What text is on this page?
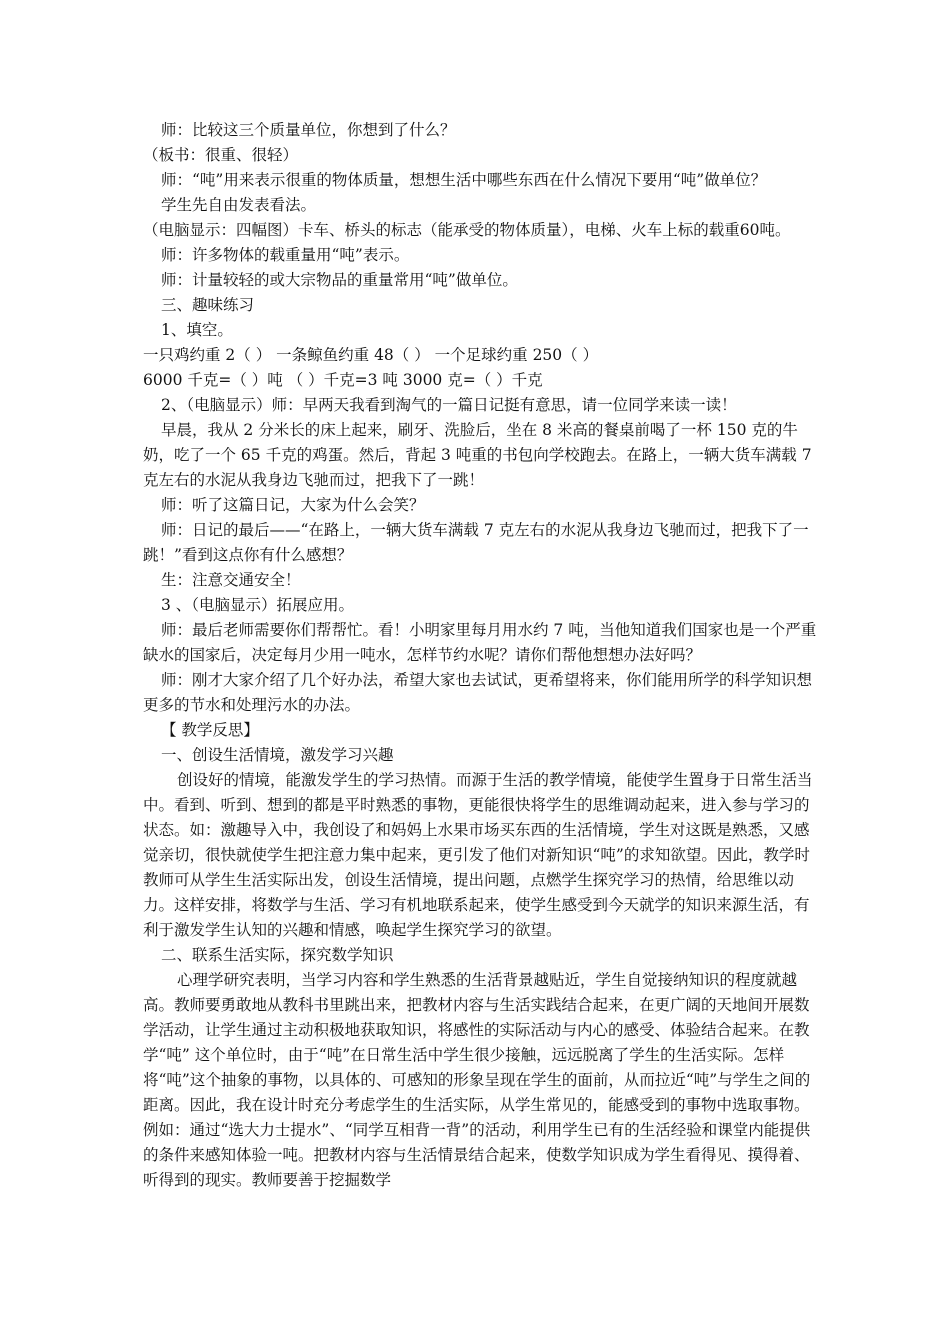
师：比较这三个质量单位，你想到了什么？

（板书：很重、很轻）

师：“吨”用来表示很重的物体质量，想想生活中哪些东西在什么情况下要用“吨”做单位？

学生先自由发表看法。

（电脑显示：四幅图）卡车、桥头的标志（能承受的物体质量），电梯、火车上标的载重60吨。

师：许多物体的载重量用“吨”表示。

师：计量较轻的或大宗物品的重量常用“吨”做单位。

三、趣味练习

1、填空。

一只鸡约重 2（ ） 一条鲸鱼约重 48（ ） 一个足球约重 250（ ）

6000 千克=（ ）吨 （ ）千克=3 吨 3000 克=（ ）千克

2、（电脑显示）师：早两天我看到淘气的一篇日记挺有意思，请一位同学来读一读！

早晨，我从 2 分米长的床上起来，刷牙、洗脸后，坐在 8 米高的餐桌前喝了一杯 150 克的牛奶，吃了一个 65 千克的鸡蛋。然后，背起 3 吨重的书包向学校跑去。在路上，一辆大货车满载 7 克左右的水泥从我身边飞驰而过，把我下了一跳！

师：听了这篇日记，大家为什么会笑？

师：日记的最后——“在路上，一辆大货车满载 7 克左右的水泥从我身边飞驰而过，把我下了一跳！”看到这点你有什么感想？

生：注意交通安全！

3 、（电脑显示）拓展应用。

师：最后老师需要你们帮帮忙。看！小明家里每月用水约 7 吨，当他知道我们国家也是一个严重缺水的国家后，决定每月少用一吨水，怎样节约水呢？请你们帮他想想办法好吗？

师：刚才大家介绍了几个好办法，希望大家也去试试，更希望将来，你们能用所学的科学知识想更多的节水和处理污水的办法。

【 教学反思】

一、创设生活情境，激发学习兴趣

创设好的情境，能激发学生的学习热情。而源于生活的教学情境，能使学生置身于日常生活当中。看到、听到、想到的都是平时熟悉的事物，更能很快将学生的思维调动起来，进入参与学习的状态。如：激趣导入中，我创设了和妈妈上水果市场买东西的生活情境，学生对这既是熟悉，又感觉亲切，很快就使学生把注意力集中起来，更引发了他们对新知识“吨”的求知欲望。因此，教学时教师可从学生生活实际出发，创设生活情境，提出问题，点燃学生探究学习的热情，给思维以动力。这样安排，将数学与生活、学习有机地联系起来，使学生感受到今天就学的知识来源生活，有利于激发学生认知的兴趣和情感，唤起学生探究学习的欲望。

二、联系生活实际，探究数学知识

心理学研究表明，当学习内容和学生熟悉的生活背景越贴近，学生自觉接纳知识的程度就越高。教师要勇敢地从教科书里跳出来，把教材内容与生活实践结合起来，在更广阔的天地间开展数学活动，让学生通过主动积极地获取知识，将感性的实际活动与内心的感受、体验结合起来。在教学“吨” 这个单位时，由于“吨”在日常生活中学生很少接触，远远脱离了学生的生活实际。怎样将“吨”这个抽象的事物，以具体的、可感知的形象呈现在学生的面前，从而拉近“吨”与学生之间的距离。因此，我在设计时充分考虑学生的生活实际，从学生常见的，能感受到的事物中选取事物。例如：通过“选大力士提水”、“同学互相背一背”的活动，利用学生已有的生活经验和课堂内能提供的条件来感知体验一吨。把教材内容与生活情景结合起来，使数学知识成为学生看得见、摸得着、听得到的现实。教师要善于挖掘数学
